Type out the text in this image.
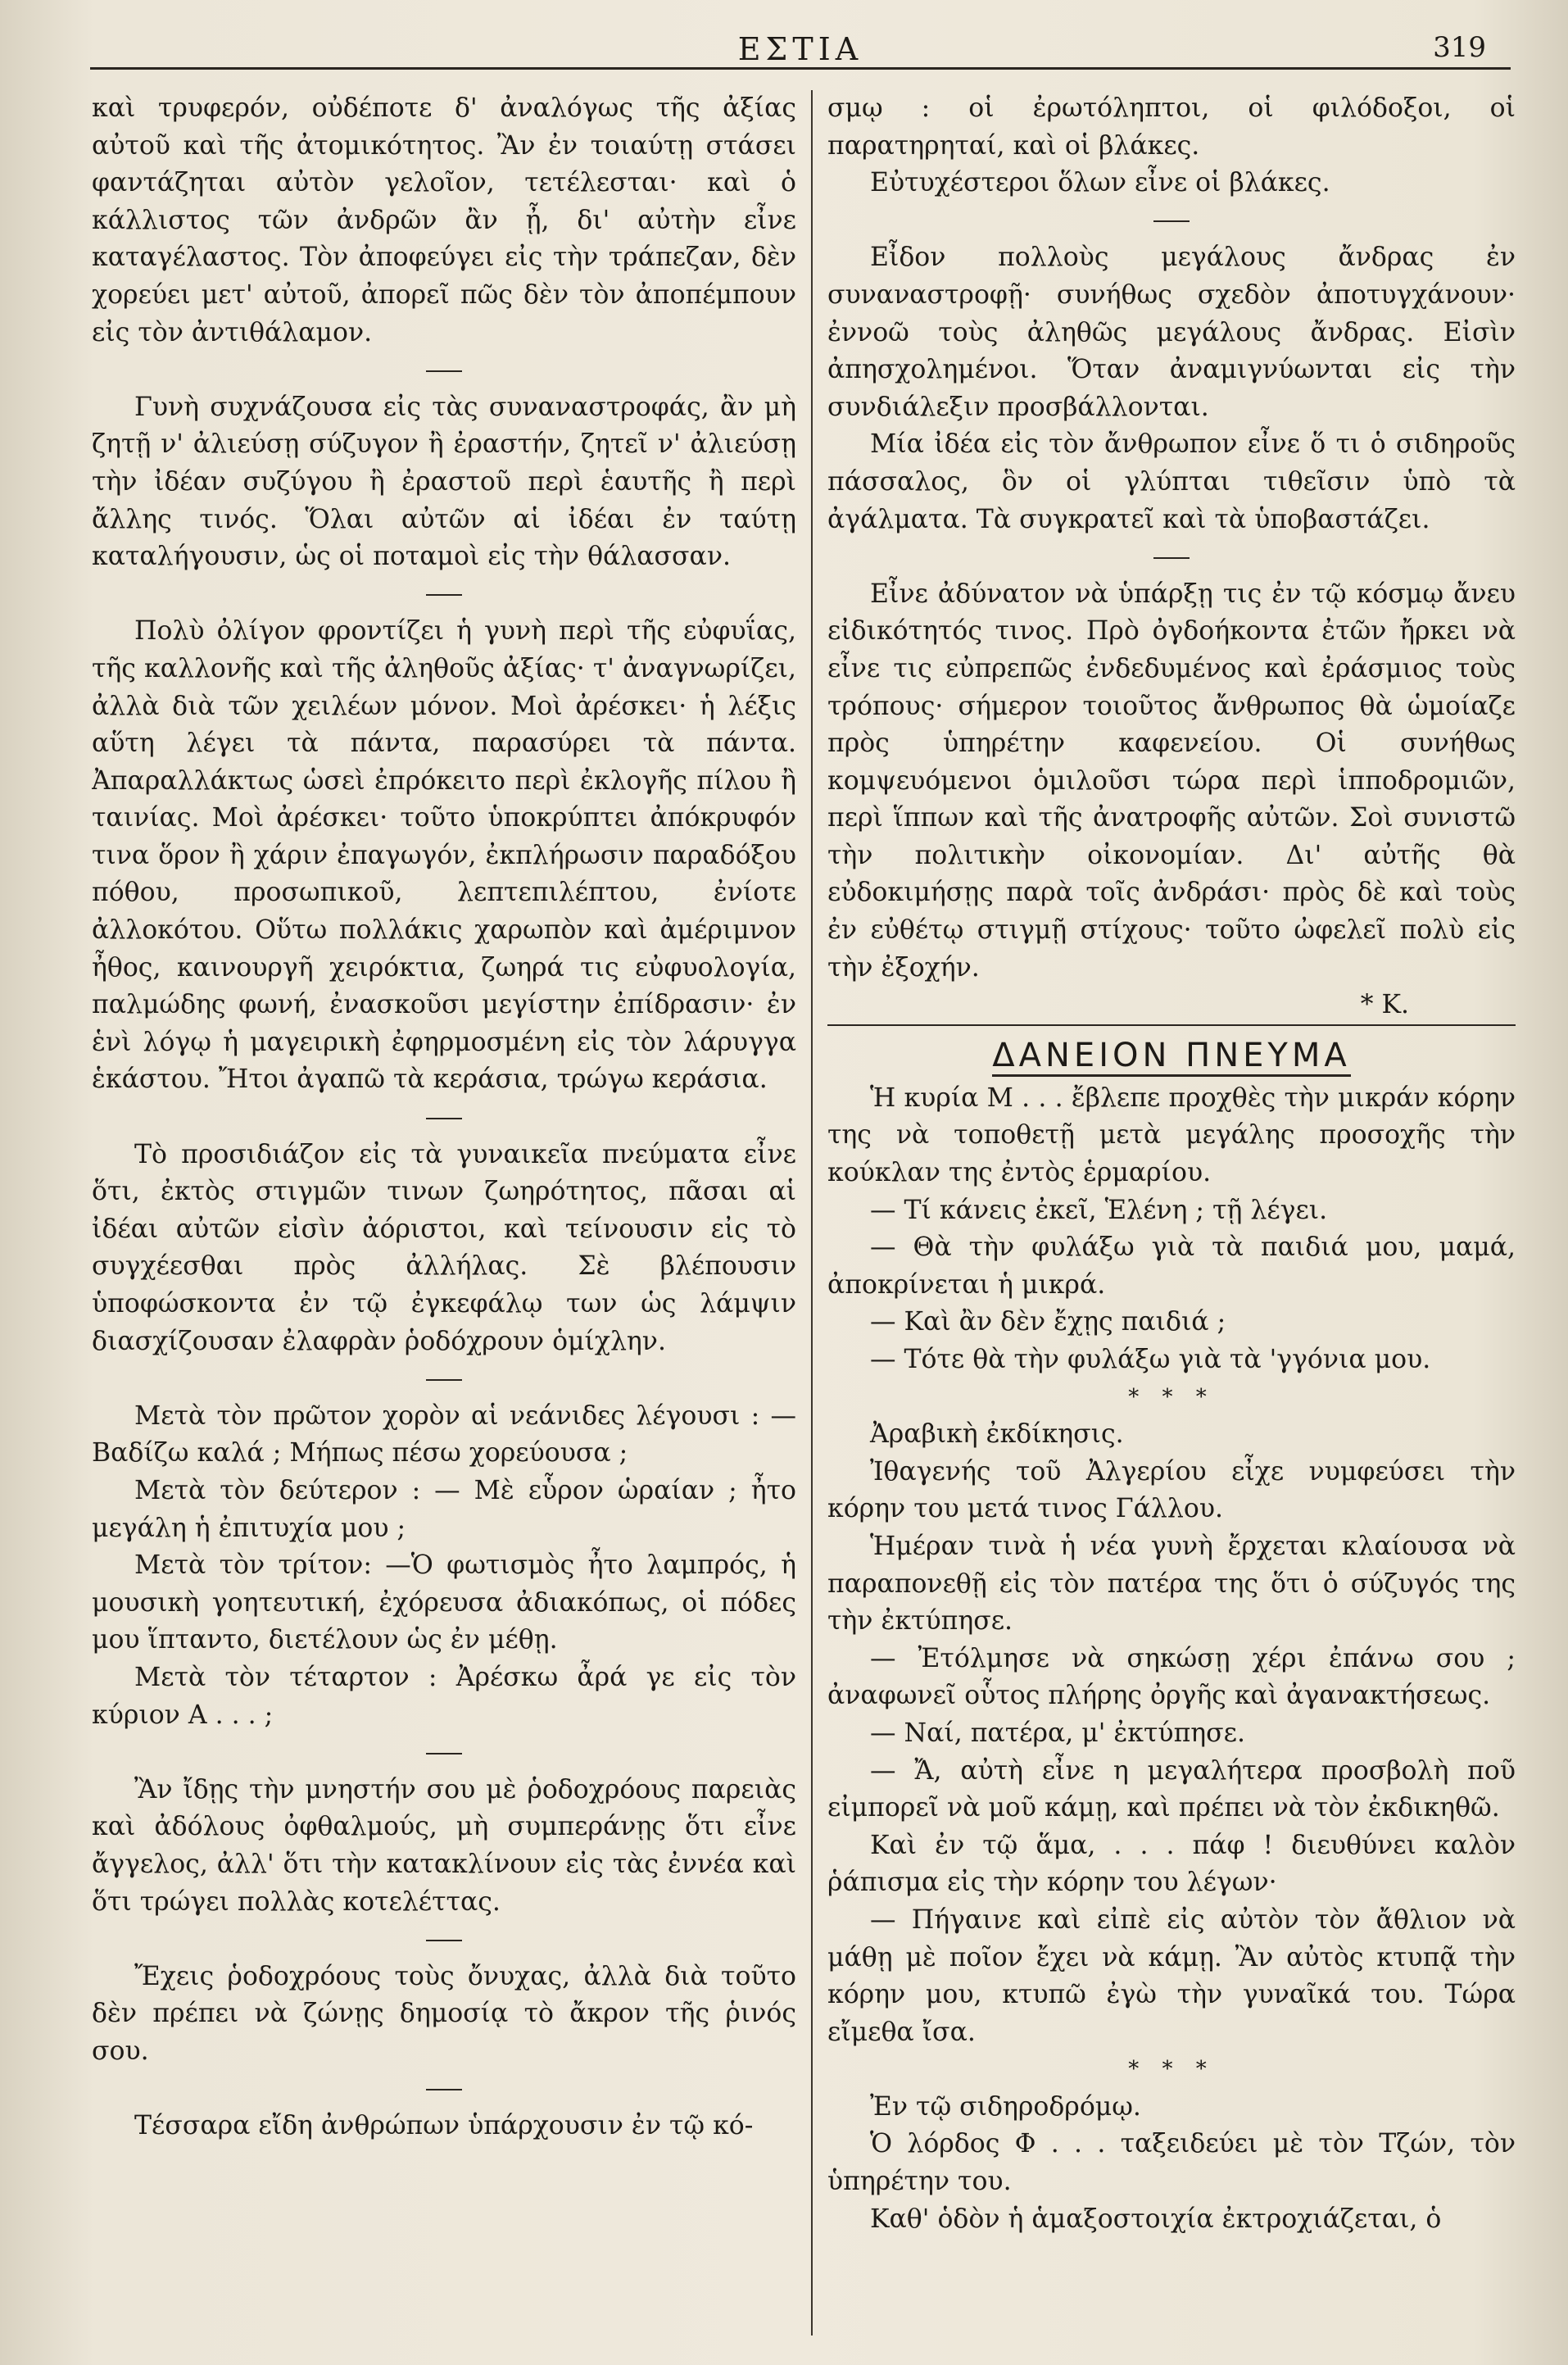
ΕΣΤΙΑ	319

καὶ τρυφερόν, οὐδέποτε δ' ἀναλόγως τῆς ἀξίας αὐτοῦ καὶ τῆς ἀτομικότητος. Ἂν ἐν τοιαύτῃ στάσει φαντάζηται αὐτὸν γελοῖον, τετέλεσται· καὶ ὁ κάλλιστος τῶν ἀνδρῶν ἂν ᾖ, δι' αὐτὴν εἶνε καταγέλαστος. Τὸν ἀποφεύγει εἰς τὴν τράπεζαν, δὲν χορεύει μετ' αὐτοῦ, ἀπορεῖ πῶς δὲν τὸν ἀποπέμπουν εἰς τὸν ἀντιθάλαμον.

Γυνὴ συχνάζουσα εἰς τὰς συναναστροφάς, ἂν μὴ ζητῇ ν' ἀλιεύσῃ σύζυγον ἢ ἐραστήν, ζητεῖ ν' ἀλιεύσῃ τὴν ἰδέαν συζύγου ἢ ἐραστοῦ περὶ ἑαυτῆς ἢ περὶ ἄλλης τινός. Ὅλαι αὐτῶν αἱ ἰδέαι ἐν ταύτῃ καταλήγουσιν, ὡς οἱ ποταμοὶ εἰς τὴν θάλασσαν.

Πολὺ ὀλίγον φροντίζει ἡ γυνὴ περὶ τῆς εὐφυΐας, τῆς καλλονῆς καὶ τῆς ἀληθοῦς ἀξίας· τ' ἀναγνωρίζει, ἀλλὰ διὰ τῶν χειλέων μόνον. Μοὶ ἀρέσκει· ἡ λέξις αὕτη λέγει τὰ πάντα, παρασύρει τὰ πάντα. Ἀπαραλλάκτως ὡσεὶ ἐπρόκειτο περὶ ἐκλογῆς πίλου ἢ ταινίας. Μοὶ ἀρέσκει· τοῦτο ὑποκρύπτει ἀπόκρυφόν τινα ὅρον ἢ χάριν ἐπαγωγόν, ἐκπλήρωσιν παραδόξου πόθου, προσωπικοῦ, λεπτεπιλέπτου, ἐνίοτε ἀλλοκότου. Οὕτω πολλάκις χαρωπὸν καὶ ἀμέριμνον ἦθος, καινουργῆ χειρόκτια, ζωηρά τις εὐφυολογία, παλμώδης φωνή, ἐνασκοῦσι μεγίστην ἐπίδρασιν· ἐν ἑνὶ λόγῳ ἡ μαγειρικὴ ἐφηρμοσμένη εἰς τὸν λάρυγγα ἑκάστου. Ἤτοι ἀγαπῶ τὰ κεράσια, τρώγω κεράσια.

Τὸ προσιδιάζον εἰς τὰ γυναικεῖα πνεύματα εἶνε ὅτι, ἐκτὸς στιγμῶν τινων ζωηρότητος, πᾶσαι αἱ ἰδέαι αὐτῶν εἰσὶν ἀόριστοι, καὶ τείνουσιν εἰς τὸ συγχέεσθαι πρὸς ἀλλήλας. Σὲ βλέπουσιν ὑποφώσκοντα ἐν τῷ ἐγκεφάλῳ των ὡς λάμψιν διασχίζουσαν ἐλαφρὰν ῥοδόχρουν ὁμίχλην.

Μετὰ τὸν πρῶτον χορὸν αἱ νεάνιδες λέγουσι : —Βαδίζω καλά ; Μήπως πέσω χορεύουσα ;

Μετὰ τὸν δεύτερον : — Μὲ εὗρον ὡραίαν ; ἦτο μεγάλη ἡ ἐπιτυχία μου ;

Μετὰ τὸν τρίτον: —Ὁ φωτισμὸς ἦτο λαμπρός, ἡ μουσικὴ γοητευτική, ἐχόρευσα ἀδιακόπως, οἱ πόδες μου ἵπταντο, διετέλουν ὡς ἐν μέθῃ.

Μετὰ τὸν τέταρτον : Ἀρέσκω ἆρά γε εἰς τὸν κύριον Α . . . ;

Ἂν ἴδῃς τὴν μνηστήν σου μὲ ῥοδοχρόους παρειὰς καὶ ἀδόλους ὀφθαλμούς, μὴ συμπεράνῃς ὅτι εἶνε ἄγγελος, ἀλλ' ὅτι τὴν κατακλίνουν εἰς τὰς ἐννέα καὶ ὅτι τρώγει πολλὰς κοτελέττας.

Ἔχεις ῥοδοχρόους τοὺς ὄνυχας, ἀλλὰ διὰ τοῦτο δὲν πρέπει νὰ ζώνῃς δημοσίᾳ τὸ ἄκρον τῆς ῥινός σου.

Τέσσαρα εἴδη ἀνθρώπων ὑπάρχουσιν ἐν τῷ κό-

σμῳ : οἱ ἐρωτόληπτοι, οἱ φιλόδοξοι, οἱ παρατηρηταί, καὶ οἱ βλάκες.

Εὐτυχέστεροι ὅλων εἶνε οἱ βλάκες.

Εἶδον πολλοὺς μεγάλους ἄνδρας ἐν συναναστροφῇ· συνήθως σχεδὸν ἀποτυγχάνουν· ἐννοῶ τοὺς ἀληθῶς μεγάλους ἄνδρας. Εἰσὶν ἀπησχολημένοι. Ὅταν ἀναμιγνύωνται εἰς τὴν συνδιάλεξιν προσβάλλονται.

Μία ἰδέα εἰς τὸν ἄνθρωπον εἶνε ὅ τι ὁ σιδηροῦς πάσσαλος, ὃν οἱ γλύπται τιθεῖσιν ὑπὸ τὰ ἀγάλματα. Τὰ συγκρατεῖ καὶ τὰ ὑποβαστάζει.

Εἶνε ἀδύνατον νὰ ὑπάρξῃ τις ἐν τῷ κόσμῳ ἄνευ εἰδικότητός τινος. Πρὸ ὀγδοήκοντα ἐτῶν ἤρκει νὰ εἶνε τις εὐπρεπῶς ἐνδεδυμένος καὶ ἐράσμιος τοὺς τρόπους· σήμερον τοιοῦτος ἄνθρωπος θὰ ὡμοίαζε πρὸς ὑπηρέτην καφενείου. Οἱ συνήθως κομψευόμενοι ὁμιλοῦσι τώρα περὶ ἱπποδρομιῶν, περὶ ἵππων καὶ τῆς ἀνατροφῆς αὐτῶν. Σοὶ συνιστῶ τὴν πολιτικὴν οἰκονομίαν. Δι' αὐτῆς θὰ εὐδοκιμήσῃς παρὰ τοῖς ἀνδράσι· πρὸς δὲ καὶ τοὺς ἐν εὐθέτῳ στιγμῇ στίχους· τοῦτο ὠφελεῖ πολὺ εἰς τὴν ἐξοχήν.

* Κ.
ΔΑΝΕΙΟΝ ΠΝΕΥΜΑ

Ἡ κυρία Μ . . . ἔβλεπε προχθὲς τὴν μικράν κόρην της νὰ τοποθετῇ μετὰ μεγάλης προσοχῆς τὴν κούκλαν της ἐντὸς ἑρμαρίου.

— Τί κάνεις ἐκεῖ, Ἑλένη ; τῇ λέγει.

— Θὰ τὴν φυλάξω γιὰ τὰ παιδιά μου, μαμά, ἀποκρίνεται ἡ μικρά.

— Καὶ ἂν δὲν ἔχῃς παιδιά ;

— Τότε θὰ τὴν φυλάξω γιὰ τὰ 'γγόνια μου.

* * *

Ἀραβικὴ ἐκδίκησις.

Ἰθαγενής τοῦ Ἀλγερίου εἶχε νυμφεύσει τὴν κόρην του μετά τινος Γάλλου.

Ἡμέραν τινὰ ἡ νέα γυνὴ ἔρχεται κλαίουσα νὰ παραπονεθῇ εἰς τὸν πατέρα της ὅτι ὁ σύζυγός της τὴν ἐκτύπησε.

— Ἐτόλμησε νὰ σηκώσῃ χέρι ἐπάνω σου ; ἀναφωνεῖ οὗτος πλήρης ὀργῆς καὶ ἀγανακτήσεως.

— Ναί, πατέρα, μ' ἐκτύπησε.

— Ἄ, αὐτὴ εἶνε η μεγαλήτερα προσβολὴ ποῦ εἰμπορεῖ νὰ μοῦ κάμῃ, καὶ πρέπει νὰ τὸν ἐκδικηθῶ.

Καὶ ἐν τῷ ἅμα, . . . πάφ ! διευθύνει καλὸν ῥάπισμα εἰς τὴν κόρην του λέγων·

— Πήγαινε καὶ εἰπὲ εἰς αὐτὸν τὸν ἄθλιον νὰ μάθῃ μὲ ποῖον ἔχει νὰ κάμῃ. Ἂν αὐτὸς κτυπᾷ τὴν κόρην μου, κτυπῶ ἐγὼ τὴν γυναῖκά του. Τώρα εἴμεθα ἴσα.

* * *

Ἐν τῷ σιδηροδρόμῳ.

Ὁ λόρδος Φ . . . ταξειδεύει μὲ τὸν Τζών, τὸν ὑπηρέτην του.

Καθ' ὁδὸν ἡ ἁμαξοστοιχία ἐκτροχιάζεται, ὁ
